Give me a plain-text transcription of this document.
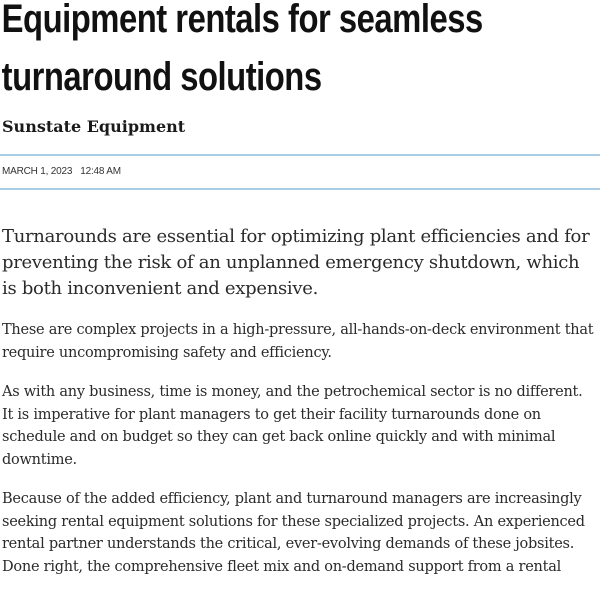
Equipment rentals for seamless turnaround solutions
Sunstate Equipment
MARCH 1, 2023 12:48 AM

Turnarounds are essential for optimizing plant efficiencies and for preventing the risk of an unplanned emergency shutdown, which is both inconvenient and expensive.

These are complex projects in a high-pressure, all-hands-on-deck environment that require uncompromising safety and efficiency.

As with any business, time is money, and the petrochemical sector is no different. It is imperative for plant managers to get their facility turnarounds done on schedule and on budget so they can get back online quickly and with minimal downtime.

Because of the added efficiency, plant and turnaround managers are increasingly seeking rental equipment solutions for these specialized projects. An experienced rental partner understands the critical, ever-evolving demands of these jobsites. Done right, the comprehensive fleet mix and on-demand support from a rental
